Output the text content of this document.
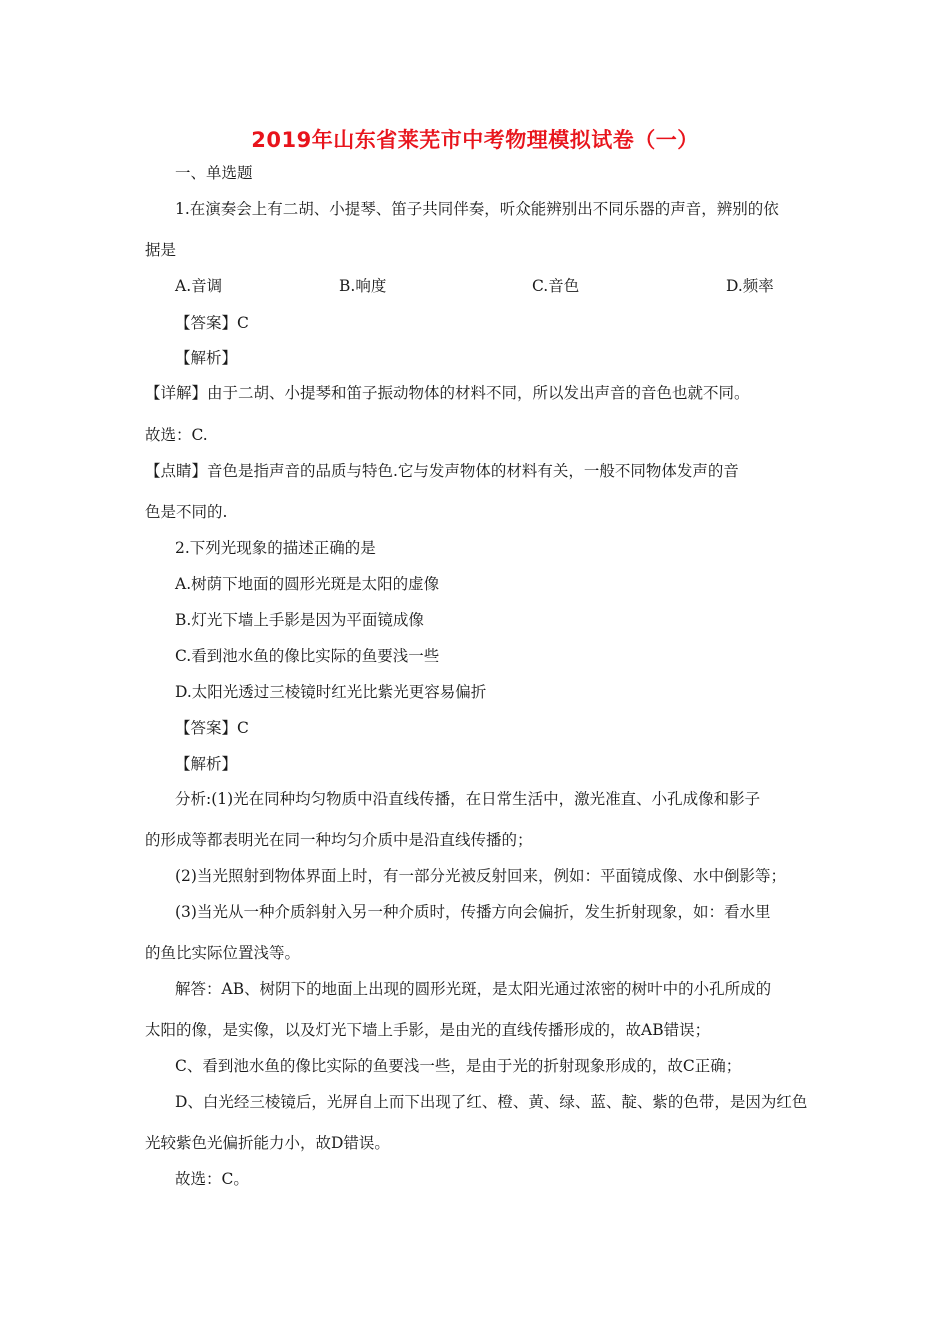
2019年山东省莱芜市中考物理模拟试卷（一）
一、单选题
1.在演奏会上有二胡、小提琴、笛子共同伴奏，听众能辨别出不同乐器的声音，辨别的依
据是
A.音调	B.响度	C.音色	D.频率
【答案】C
【解析】
【详解】由于二胡、小提琴和笛子振动物体的材料不同，所以发出声音的音色也就不同。
故选：C.
【点睛】音色是指声音的品质与特色.它与发声物体的材料有关，一般不同物体发声的音
色是不同的.
2.下列光现象的描述正确的是
A.树荫下地面的圆形光斑是太阳的虚像
B.灯光下墙上手影是因为平面镜成像
C.看到池水鱼的像比实际的鱼要浅一些
D.太阳光透过三棱镜时红光比紫光更容易偏折
【答案】C
【解析】
分析:(1)光在同种均匀物质中沿直线传播，在日常生活中，激光准直、小孔成像和影子
的形成等都表明光在同一种均匀介质中是沿直线传播的；
(2)当光照射到物体界面上时，有一部分光被反射回来，例如：平面镜成像、水中倒影等；
(3)当光从一种介质斜射入另一种介质时，传播方向会偏折，发生折射现象，如：看水里
的鱼比实际位置浅等。
解答：AB、树阴下的地面上出现的圆形光斑，是太阳光通过浓密的树叶中的小孔所成的
太阳的像，是实像，以及灯光下墙上手影，是由光的直线传播形成的，故AB错误；
C、看到池水鱼的像比实际的鱼要浅一些，是由于光的折射现象形成的，故C正确；
D、白光经三棱镜后，光屏自上而下出现了红、橙、黄、绿、蓝、靛、紫的色带，是因为红色
光较紫色光偏折能力小，故D错误。
故选：C。
